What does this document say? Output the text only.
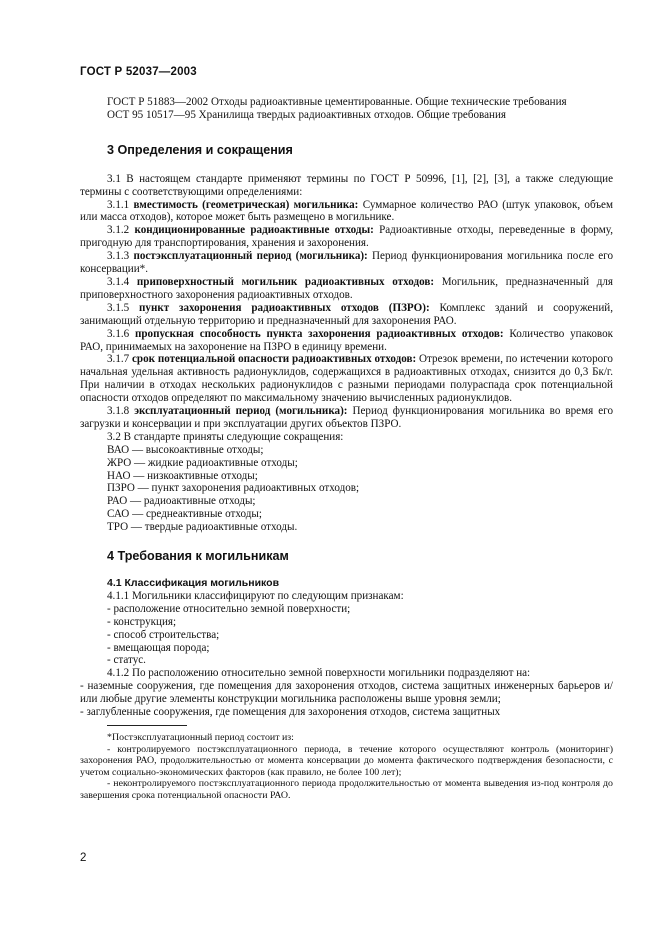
ГОСТ Р 52037—2003

ГОСТ Р 51883—2002 Отходы радиоактивные цементированные. Общие технические требования

ОСТ 95 10517—95 Хранилища твердых радиоактивных отходов. Общие требования

3 Определения и сокращения

3.1 В настоящем стандарте применяют термины по ГОСТ Р 50996, [1], [2], [3], а также следующие термины с соответствующими определениями:

3.1.1 вместимость (геометрическая) могильника: Суммарное количество РАО (штук упаковок, объем или масса отходов), которое может быть размещено в могильнике.

3.1.2 кондиционированные радиоактивные отходы: Радиоактивные отходы, переведенные в форму, пригодную для транспортирования, хранения и захоронения.

3.1.3 постэксплуатационный период (могильника): Период функционирования могильника после его консервации*.

3.1.4 приповерхностный могильник радиоактивных отходов: Могильник, предназначенный для приповерхностного захоронения радиоактивных отходов.

3.1.5 пункт захоронения радиоактивных отходов (ПЗРО): Комплекс зданий и сооружений, занимающий отдельную территорию и предназначенный для захоронения РАО.

3.1.6 пропускная способность пункта захоронения радиоактивных отходов: Количество упаковок РАО, принимаемых на захоронение на ПЗРО в единицу времени.

3.1.7 срок потенциальной опасности радиоактивных отходов: Отрезок времени, по истечении которого начальная удельная активность радионуклидов, содержащихся в радиоактивных отходах, снизится до 0,3 Бк/г. При наличии в отходах нескольких радионуклидов с разными периодами полураспада срок потенциальной опасности отходов определяют по максимальному значению вычисленных радионуклидов.

3.1.8 эксплуатационный период (могильника): Период функционирования могильника во время его загрузки и консервации и при эксплуатации других объектов ПЗРО.

3.2 В стандарте приняты следующие сокращения:

ВАО — высокоактивные отходы;

ЖРО — жидкие радиоактивные отходы;

НАО — низкоактивные отходы;

ПЗРО — пункт захоронения радиоактивных отходов;

РАО — радиоактивные отходы;

САО — среднеактивные отходы;

ТРО — твердые радиоактивные отходы.

4 Требования к могильникам
4.1 Классификация могильников

4.1.1 Могильники классифицируют по следующим признакам:

- расположение относительно земной поверхности;

- конструкция;

- способ строительства;

- вмещающая порода;

- статус.

4.1.2 По расположению относительно земной поверхности могильники подразделяют на:

- наземные сооружения, где помещения для захоронения отходов, система защитных инженерных барьеров и/или любые другие элементы конструкции могильника расположены выше уровня земли;

- заглубленные сооружения, где помещения для захоронения отходов, система защитных

*Постэксплуатационный период состоит из:

- контролируемого постэксплуатационного периода, в течение которого осуществляют контроль (мониторинг) захоронения РАО, продолжительностью от момента консервации до момента фактического подтверждения безопасности, с учетом социально-экономических факторов (как правило, не более 100 лет);

- неконтролируемого постэксплуатационного периода продолжительностью от момента выведения из-под контроля до завершения срока потенциальной опасности РАО.

2
